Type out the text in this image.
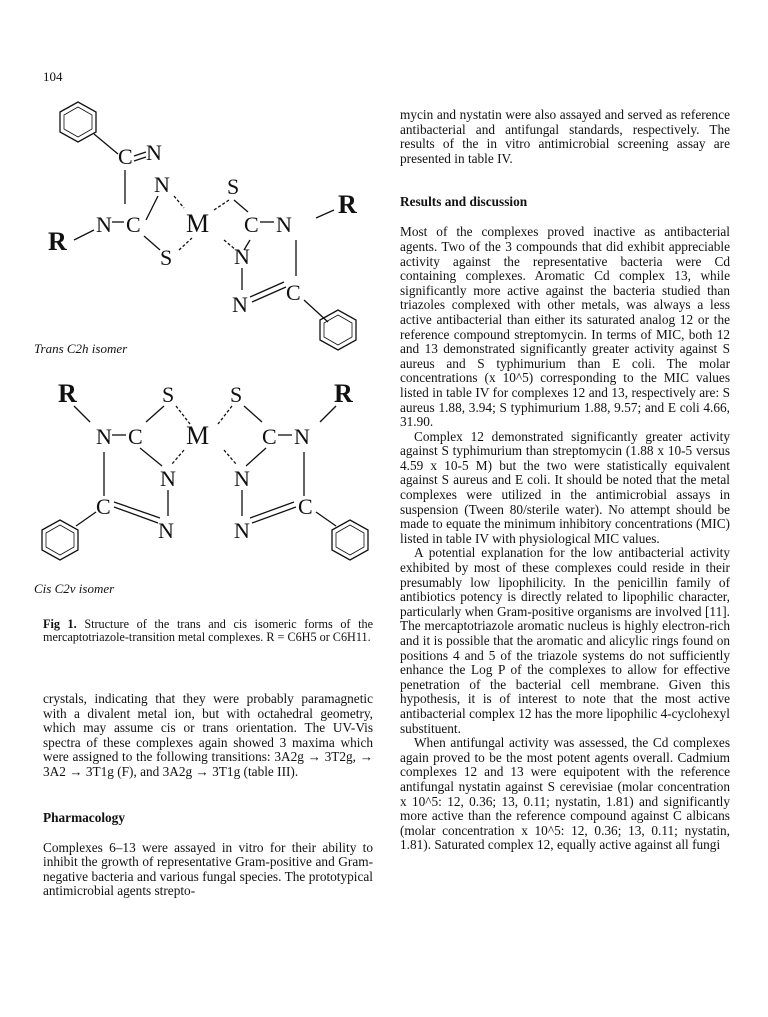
104
C N
N	S
R
N C M C N
R
S	N
C
N
R	S	S	R
N C M C N
N	N
C	C
N	N
Trans C2h isomer
Cis C2v isomer
Fig 1. Structure of the trans and cis isomeric forms of the mercaptotriazole-transition metal complexes. R = C6H5 or C6H11.

crystals, indicating that they were probably paramagnetic with a divalent metal ion, but with octahedral geometry, which may assume cis or trans orientation. The UV-Vis spectra of these complexes again showed 3 maxima which were assigned to the following transitions: 3A2g → 3T2g, → 3A2 → 3T1g (F), and 3A2g → 3T1g (table III).

Pharmacology

Complexes 6–13 were assayed in vitro for their ability to inhibit the growth of representative Gram-positive and Gram-negative bacteria and various fungal species. The prototypical antimicrobial agents strepto-

mycin and nystatin were also assayed and served as reference antibacterial and antifungal standards, respectively. The results of the in vitro antimicrobial screening assay are presented in table IV.

Results and discussion

Most of the complexes proved inactive as antibacterial agents. Two of the 3 compounds that did exhibit appreciable activity against the representative bacteria were Cd containing complexes. Aromatic Cd complex 13, while significantly more active against the bacteria studied than triazoles complexed with other metals, was always a less active antibacterial than either its saturated analog 12 or the reference compound streptomycin. In terms of MIC, both 12 and 13 demonstrated significantly greater activity against S aureus and S typhimurium than E coli. The molar concentrations (x 10^5) corresponding to the MIC values listed in table IV for complexes 12 and 13, respectively are: S aureus 1.88, 3.94; S typhimurium 1.88, 9.57; and E coli 4.66, 31.90.

Complex 12 demonstrated significantly greater activity against S typhimurium than streptomycin (1.88 x 10-5 versus 4.59 x 10-5 M) but the two were statistically equivalent against S aureus and E coli. It should be noted that the metal complexes were utilized in the antimicrobial assays in suspension (Tween 80/sterile water). No attempt should be made to equate the minimum inhibitory concentrations (MIC) listed in table IV with physiological MIC values.

A potential explanation for the low antibacterial activity exhibited by most of these complexes could reside in their presumably low lipophilicity. In the penicillin family of antibiotics potency is directly related to lipophilic character, particularly when Gram-positive organisms are involved [11]. The mercaptotriazole aromatic nucleus is highly electron-rich and it is possible that the aromatic and alicylic rings found on positions 4 and 5 of the triazole systems do not sufficiently enhance the Log P of the complexes to allow for effective penetration of the bacterial cell membrane. Given this hypothesis, it is of interest to note that the most active antibacterial complex 12 has the more lipophilic 4-cyclohexyl substituent.

When antifungal activity was assessed, the Cd complexes again proved to be the most potent agents overall. Cadmium complexes 12 and 13 were equipotent with the reference antifungal nystatin against S cerevisiae (molar concentration x 10^5: 12, 0.36; 13, 0.11; nystatin, 1.81) and significantly more active than the reference compound against C albicans (molar concentration x 10^5: 12, 0.36; 13, 0.11; nystatin, 1.81). Saturated complex 12, equally active against all fungi
